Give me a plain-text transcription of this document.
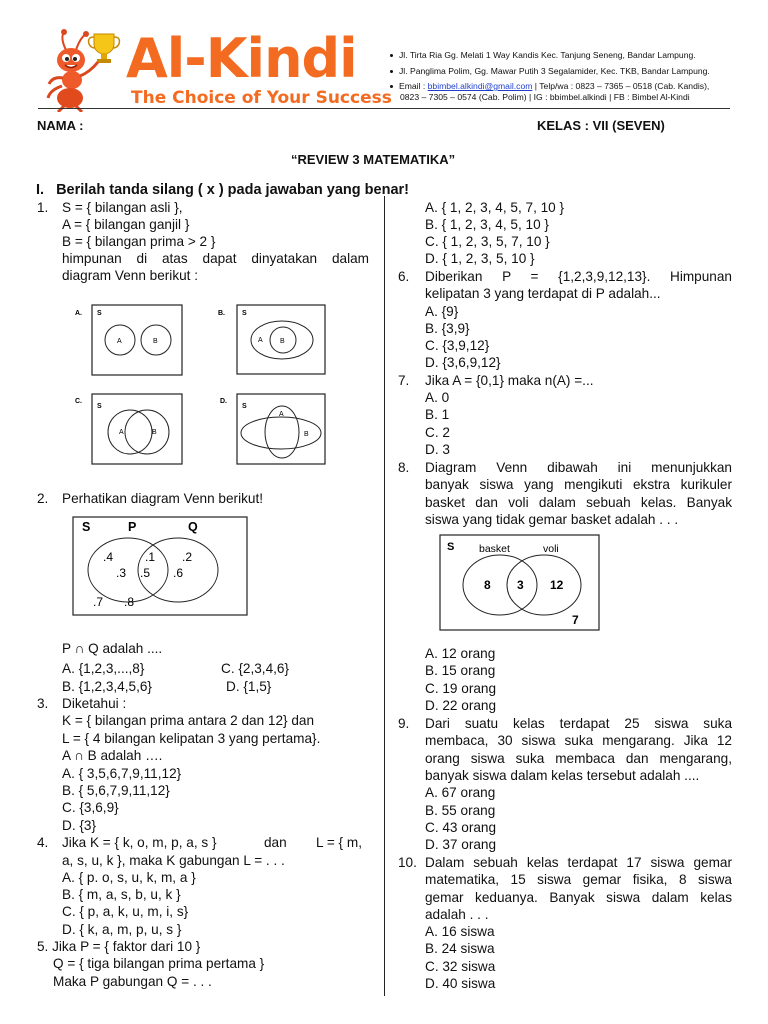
Al-Kindi
The Choice of Your Success
Jl. Tirta Ria Gg. Melati 1 Way Kandis Kec. Tanjung Seneng, Bandar Lampung.
Jl. Panglima Polim, Gg. Mawar Putih 3 Segalamider, Kec. TKB, Bandar Lampung.
Email : bbimbel.alkindi@gmail.com | Telp/wa : 0823 – 7365 – 0518 (Cab. Kandis),
0823 – 7305 – 0574 (Cab. Polim) | IG : bbimbel.alkindi | FB : Bimbel Al-Kindi
NAMA :	KELAS : VII (SEVEN)
“REVIEW 3 MATEMATIKA”
I. Berilah tanda silang ( x ) pada jawaban yang benar!
1. S = { bilangan asli },
A = { bilangan ganjil }
B = { bilangan prima > 2 }
himpunan di atas dapat dinyatakan dalam
diagram Venn berikut :
A. S
A	B
B. S
A B
C.
S
A	B
D.
S
A
B
2. Perhatikan diagram Venn berikut!
S	P	Q
.4
.3
.1
.5
.2
.6
.7 .8
P ∩ Q adalah ....
A. {1,2,3,...,8}	C. {2,3,4,6}
B. {1,2,3,4,5,6}	D. {1,5}
3. Diketahui :
K = { bilangan prima antara 2 dan 12} dan
L = { 4 bilangan kelipatan 3 yang pertama}.
A ∩ B adalah ….
A. { 3,5,6,7,9,11,12}
B. { 5,6,7,9,11,12}
C. {3,6,9}
D. {3}
4. Jika K = { k, o, m, p, a, s }	dan L = { m,
a, s, u, k }, maka K gabungan L = . . .
A. { p. o, s, u, k, m, a }
B. { m, a, s, b, u, k }
C. { p, a, k, u, m, i, s}
D. { k, a, m, p, u, s }
5. Jika P = { faktor dari 10 }
Q = { tiga bilangan prima pertama }
Maka P gabungan Q = . . .
A. { 1, 2, 3, 4, 5, 7, 10 }
B. { 1, 2, 3, 4, 5, 10 }
C. { 1, 2, 3, 5, 7, 10 }
D. { 1, 2, 3, 5, 10 }
6. Diberikan P = {1,2,3,9,12,13}. Himpunan
kelipatan 3 yang terdapat di P adalah...
A. {9}
B. {3,9}
C. {3,9,12}
D. {3,6,9,12}
7. Jika A = {0,1} maka n(A) =...
A. 0
B. 1
C. 2
D. 3
8. Diagram Venn dibawah ini menunjukkan
banyak siswa yang mengikuti ekstra kurikuler
basket dan voli dalam sebuah kelas. Banyak
siswa yang tidak gemar basket adalah . . .
S basket	voli
8 3 12
7
A. 12 orang
B. 15 orang
C. 19 orang
D. 22 orang
9. Dari suatu kelas terdapat 25 siswa suka
membaca, 30 siswa suka mengarang. Jika 12
orang siswa suka membaca dan mengarang,
banyak siswa dalam kelas tersebut adalah ....
A. 67 orang
B. 55 orang
C. 43 orang
D. 37 orang
10. Dalam sebuah kelas terdapat 17 siswa gemar
matematika, 15 siswa gemar fisika, 8 siswa
gemar keduanya. Banyak siswa dalam kelas
adalah . . .
A. 16 siswa
B. 24 siswa
C. 32 siswa
D. 40 siswa
